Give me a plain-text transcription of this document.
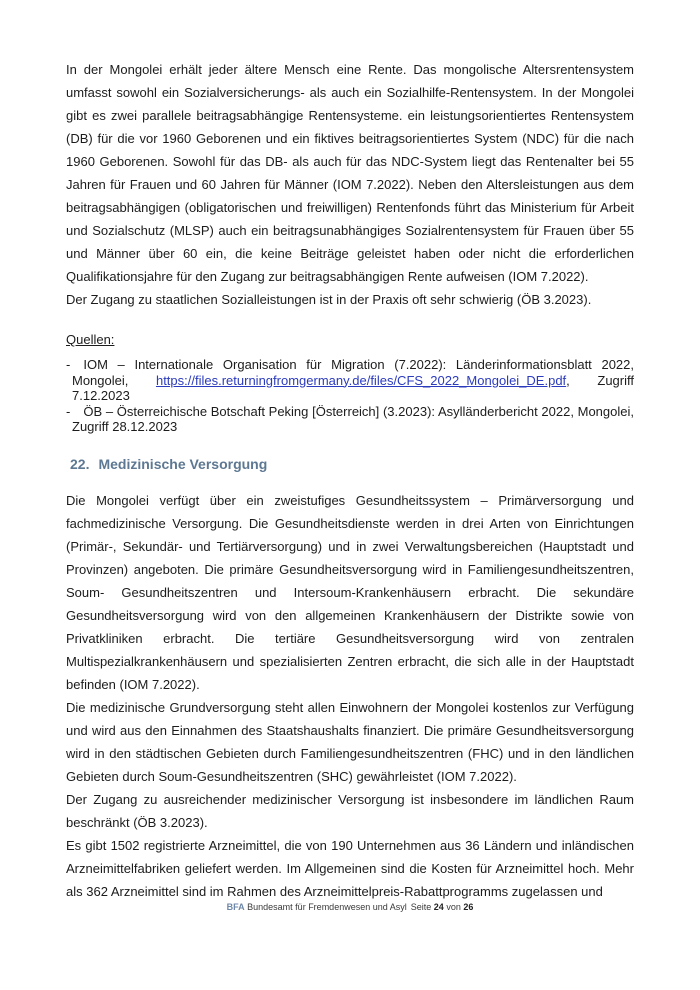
In der Mongolei erhält jeder ältere Mensch eine Rente. Das mongolische Altersrentensystem umfasst sowohl ein Sozialversicherungs- als auch ein Sozialhilfe-Rentensystem. In der Mongolei gibt es zwei parallele beitragsabhängige Rentensysteme. ein leistungsorientiertes Rentensystem (DB) für die vor 1960 Geborenen und ein fiktives beitragsorientiertes System (NDC) für die nach 1960 Geborenen. Sowohl für das DB- als auch für das NDC-System liegt das Rentenalter bei 55 Jahren für Frauen und 60 Jahren für Männer (IOM 7.2022). Neben den Altersleistungen aus dem beitragsabhängigen (obligatorischen und freiwilligen) Rentenfonds führt das Ministerium für Arbeit und Sozialschutz (MLSP) auch ein beitragsunabhängiges Sozialrentensystem für Frauen über 55 und Männer über 60 ein, die keine Beiträge geleistet haben oder nicht die erforderlichen Qualifikationsjahre für den Zugang zur beitragsabhängigen Rente aufweisen (IOM 7.2022).

Der Zugang zu staatlichen Sozialleistungen ist in der Praxis oft sehr schwierig (ÖB 3.2023).

Quellen:
- IOM – Internationale Organisation für Migration (7.2022): Länderinformationsblatt 2022, Mongolei, https://files.returningfromgermany.de/files/CFS_2022_Mongolei_DE.pdf, Zugriff 7.12.2023
- ÖB – Österreichische Botschaft Peking [Österreich] (3.2023): Asylländerbericht 2022, Mongolei, Zugriff 28.12.2023
22. Medizinische Versorgung

Die Mongolei verfügt über ein zweistufiges Gesundheitssystem – Primärversorgung und fachmedizinische Versorgung. Die Gesundheitsdienste werden in drei Arten von Einrichtungen (Primär-, Sekundär- und Tertiärversorgung) und in zwei Verwaltungsbereichen (Hauptstadt und Provinzen) angeboten. Die primäre Gesundheitsversorgung wird in Familiengesundheitszentren, Soum- Gesundheitszentren und Intersoum-Krankenhäusern erbracht. Die sekundäre Gesundheitsversorgung wird von den allgemeinen Krankenhäusern der Distrikte sowie von Privatkliniken erbracht. Die tertiäre Gesundheitsversorgung wird von zentralen Multispezialkrankenhäusern und spezialisierten Zentren erbracht, die sich alle in der Hauptstadt befinden (IOM 7.2022).

Die medizinische Grundversorgung steht allen Einwohnern der Mongolei kostenlos zur Verfügung und wird aus den Einnahmen des Staatshaushalts finanziert. Die primäre Gesundheitsversorgung wird in den städtischen Gebieten durch Familiengesundheitszentren (FHC) und in den ländlichen Gebieten durch Soum-Gesundheitszentren (SHC) gewährleistet (IOM 7.2022).

Der Zugang zu ausreichender medizinischer Versorgung ist insbesondere im ländlichen Raum beschränkt (ÖB 3.2023).

Es gibt 1502 registrierte Arzneimittel, die von 190 Unternehmen aus 36 Ländern und inländischen Arzneimittelfabriken geliefert werden. Im Allgemeinen sind die Kosten für Arzneimittel hoch. Mehr als 362 Arzneimittel sind im Rahmen des Arzneimittelpreis-Rabattprogramms zugelassen und

BFA Bundesamt für Fremdenwesen und Asyl Seite 24 von 26
